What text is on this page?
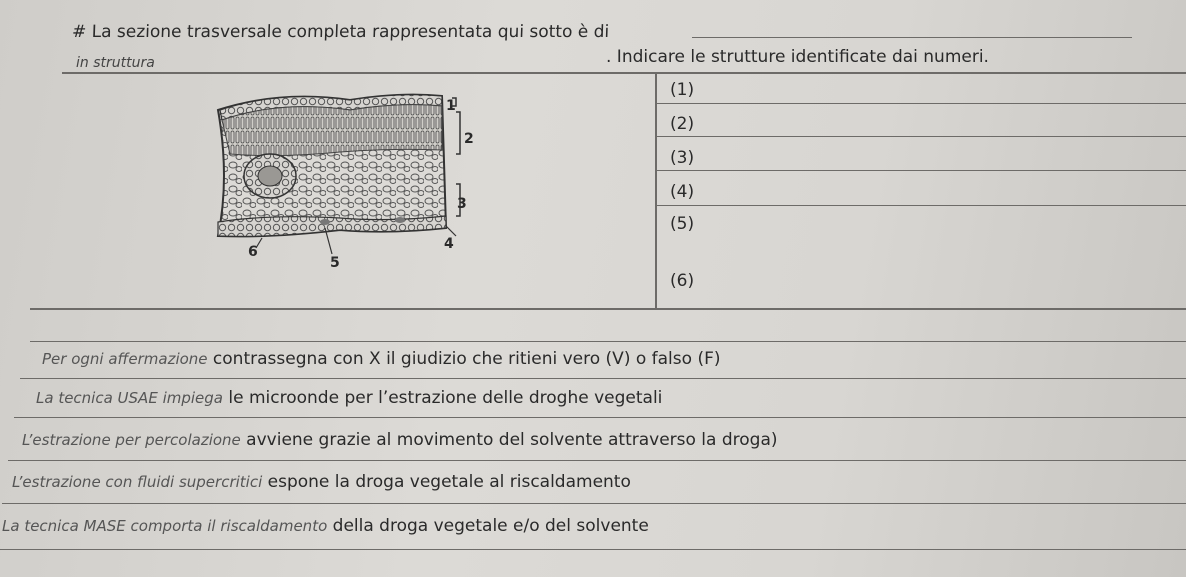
# La sezione trasversale completa rappresentata qui sotto è di
in struttura	. Indicare le strutture identificate dai numeri.
1
2
3
4
6
5
(1)
(2)
(3)
(4)
(5)
(6)
Per ogni affermazione contrassegna con X il giudizio che ritieni vero (V) o falso (F)
La tecnica USAE impiega le microonde per l’estrazione delle droghe vegetali
L’estrazione per percolazione avviene grazie al movimento del solvente attraverso la droga)
L’estrazione con fluidi supercritici espone la droga vegetale al riscaldamento
La tecnica MASE comporta il riscaldamento della droga vegetale e/o del solvente
